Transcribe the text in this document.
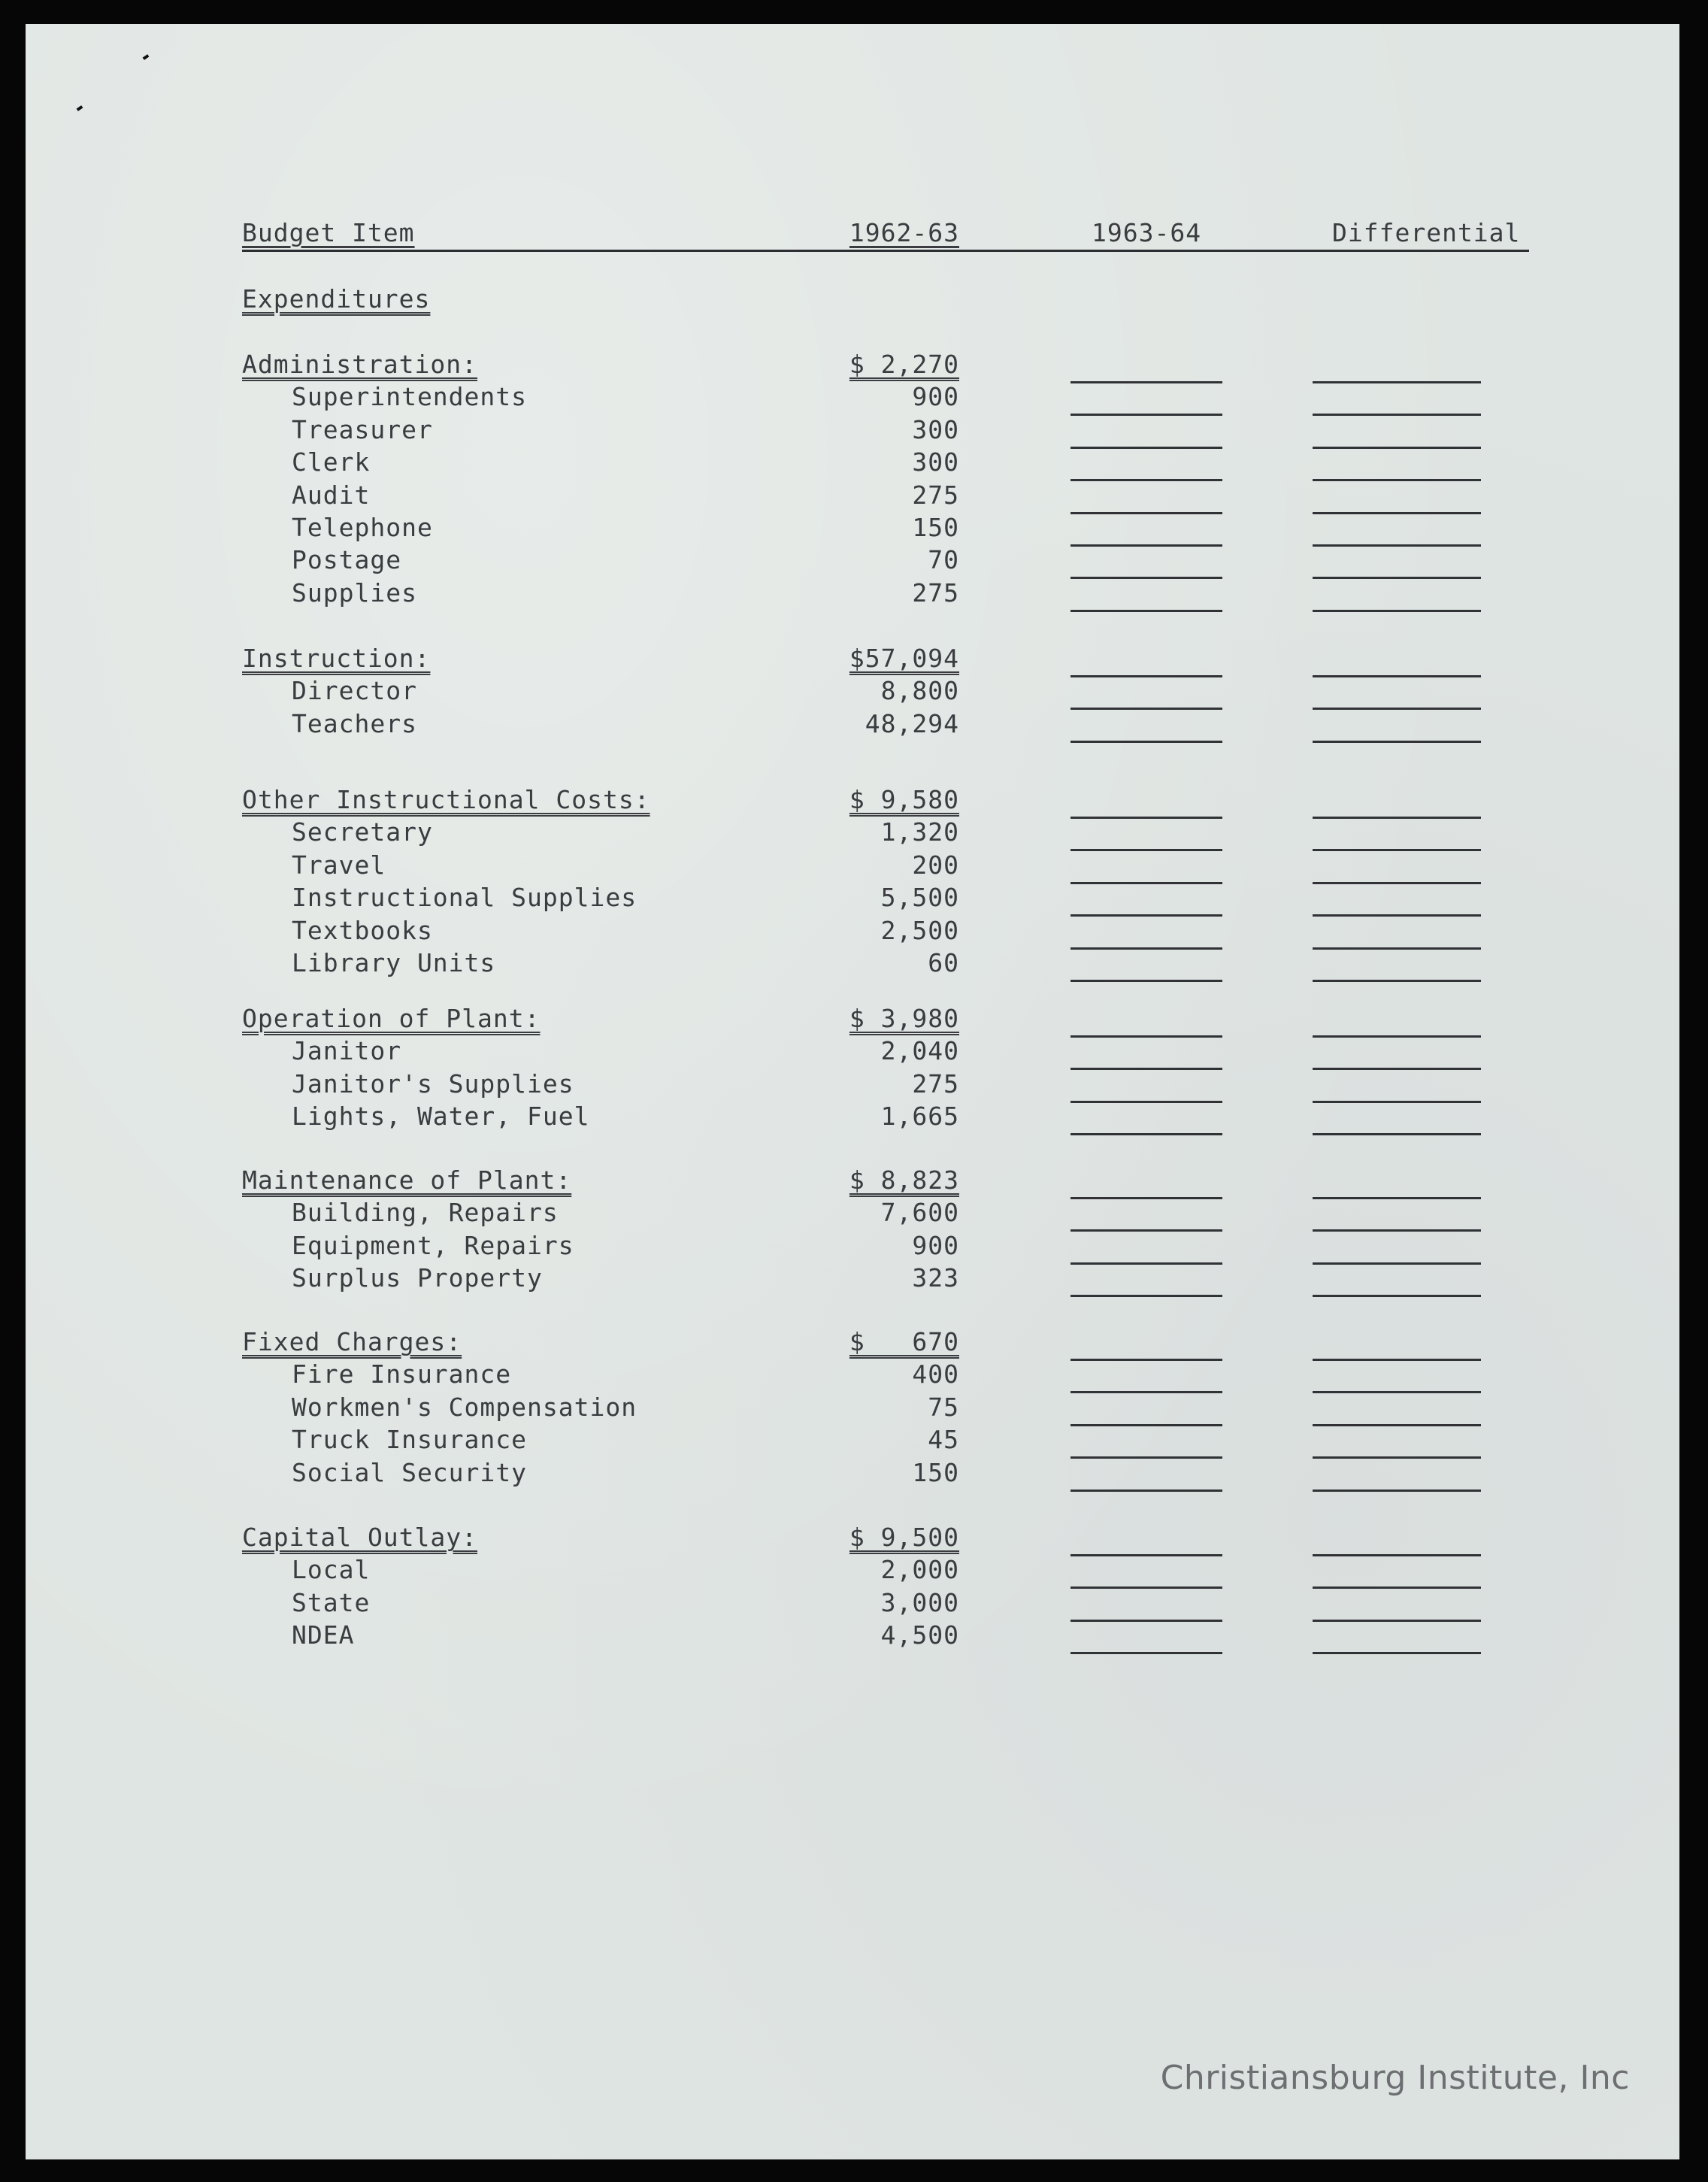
Budget Item	1962-63	1963-64	Differential
Expenditures
Administration:	$ 2,270
Superintendents	900
Treasurer	300
Clerk	300
Audit	275
Telephone	150
Postage	70
Supplies	275
Instruction:	$57,094
Director	8,800
Teachers	48,294
Other Instructional Costs:	$ 9,580
Secretary	1,320
Travel	200
Instructional Supplies	5,500
Textbooks	2,500
Library Units	60
Operation of Plant:	$ 3,980
Janitor	2,040
Janitor's Supplies	275
Lights, Water, Fuel	1,665
Maintenance of Plant:	$ 8,823
Building, Repairs	7,600
Equipment, Repairs	900
Surplus Property	323
Fixed Charges:	$   670
Fire Insurance	400
Workmen's Compensation	75
Truck Insurance	45
Social Security	150
Capital Outlay:	$ 9,500
Local	2,000
State	3,000
NDEA	4,500
Christiansburg Institute, Inc
